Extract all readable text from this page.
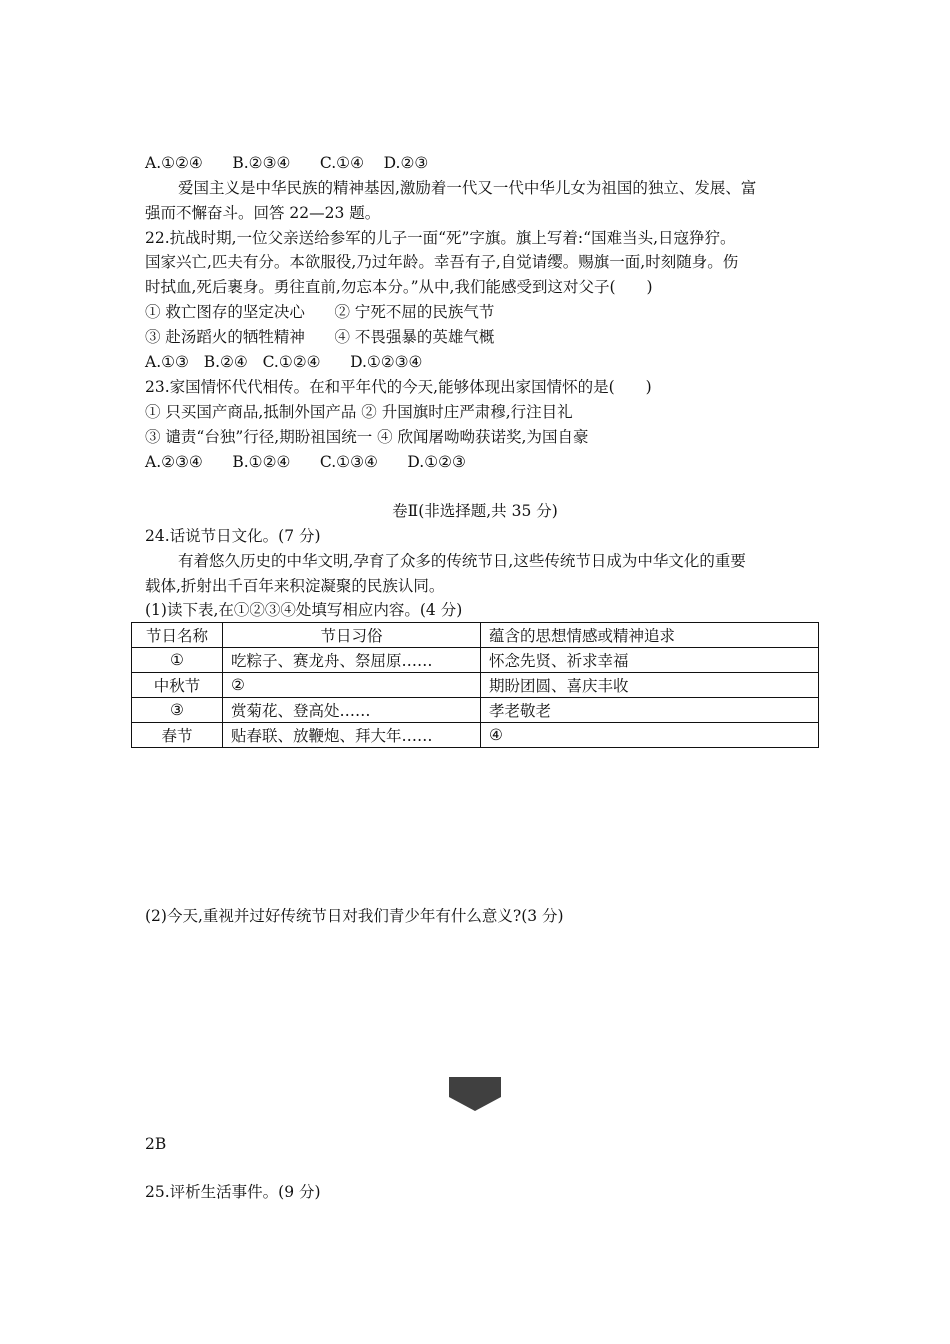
A.①②④      B.②③④      C.①④    D.②③

爱国主义是中华民族的精神基因,激励着一代又一代中华儿女为祖国的独立、发展、富

强而不懈奋斗。回答 22—23 题。

22.抗战时期,一位父亲送给参军的儿子一面“死”字旗。旗上写着:“国难当头,日寇狰狞。

国家兴亡,匹夫有分。本欲服役,乃过年龄。幸吾有子,自觉请缨。赐旗一面,时刻随身。伤

时拭血,死后裹身。勇往直前,勿忘本分。”从中,我们能感受到这对父子(　　)

① 救亡图存的坚定决心      ② 宁死不屈的民族气节

③ 赴汤蹈火的牺牲精神      ④ 不畏强暴的英雄气概

A.①③   B.②④   C.①②④      D.①②③④

23.家国情怀代代相传。在和平年代的今天,能够体现出家国情怀的是(　　)

① 只买国产商品,抵制外国产品 ② 升国旗时庄严肃穆,行注目礼

③ 谴责“台独”行径,期盼祖国统一 ④ 欣闻屠呦呦获诺奖,为国自豪

A.②③④      B.①②④      C.①③④      D.①②③

卷Ⅱ(非选择题,共 35 分)

24.话说节日文化。(7 分)

有着悠久历史的中华文明,孕育了众多的传统节日,这些传统节日成为中华文化的重要

载体,折射出千百年来积淀凝聚的民族认同。

(1)读下表,在①②③④处填写相应内容。(4 分)

节日名称	节日习俗	蕴含的思想情感或精神追求
①	吃粽子、赛龙舟、祭屈原……	怀念先贤、祈求幸福
中秋节	②	期盼团圆、喜庆丰收
③	赏菊花、登高处……	孝老敬老
春节	贴春联、放鞭炮、拜大年……	④

(2)今天,重视并过好传统节日对我们青少年有什么意义?(3 分)

2B

25.评析生活事件。(9 分)
